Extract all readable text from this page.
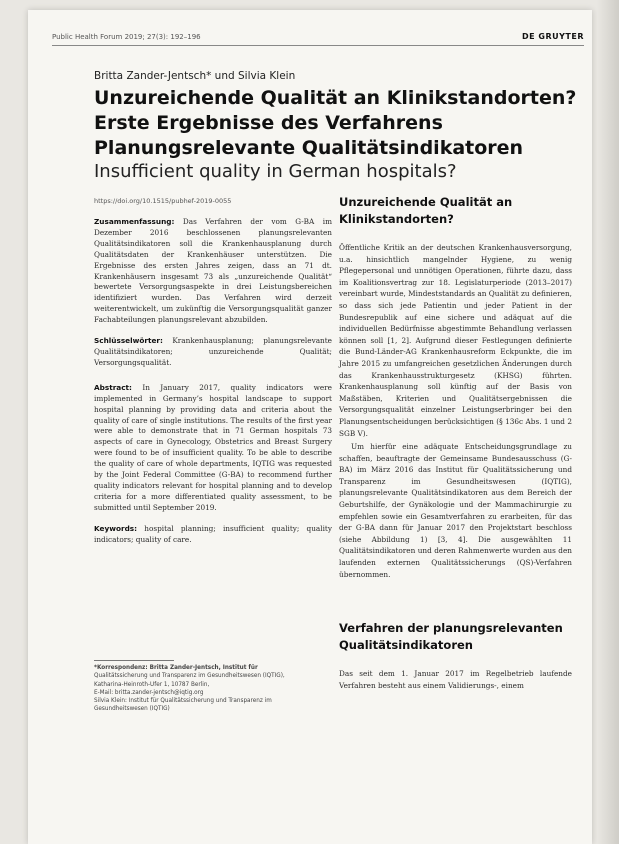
Public Health Forum 2019; 27(3): 192–196	DE GRUYTER
Britta Zander-Jentsch* und Silvia Klein
Unzureichende Qualität an Klinikstandorten?
Erste Ergebnisse des Verfahrens
Planungsrelevante Qualitätsindikatoren
Insufficient quality in German hospitals?
https://doi.org/10.1515/pubhef-2019-0055

Zusammenfassung: Das Verfahren der vom G-BA im Dezember 2016 beschlossenen planungsrelevanten Qualitätsindikatoren soll die Krankenhausplanung durch Qualitätsdaten der Krankenhäuser unterstützen. Die Ergebnisse des ersten Jahres zeigen, dass an 71 dt. Krankenhäusern insgesamt 73 als „unzureichende Qualität“ bewertete Versorgungsaspekte in drei Leistungsbereichen identifiziert wurden. Das Verfahren wird derzeit weiterentwickelt, um zukünftig die Versorgungsqualität ganzer Fachabteilungen planungsrelevant abzubilden.

Schlüsselwörter: Krankenhausplanung; planungsrelevante Qualitätsindikatoren; unzureichende Qualität; Versorgungsqualität.

Abstract: In January 2017, quality indicators were implemented in Germany’s hospital landscape to support hospital planning by providing data and criteria about the quality of care of single institutions. The results of the first year were able to demonstrate that in 71 German hospitals 73 aspects of care in Gynecology, Obstetrics and Breast Surgery were found to be of insufficient quality. To be able to describe the quality of care of whole departments, IQTIG was requested by the Joint Federal Committee (G-BA) to recommend further quality indicators relevant for hospital planning and to develop criteria for a more differentiated quality assessment, to be submitted until September 2019.

Keywords: hospital planning; insufficient quality; quality indicators; quality of care.

*Korrespondenz: Britta Zander-Jentsch, Institut für

Qualitätssicherung und Transparenz im Gesundheitswesen (IQTIG),

Katharina-Heinroth-Ufer 1, 10787 Berlin,

E-Mail: britta.zander-jentsch@iqtig.org

Silvia Klein: Institut für Qualitätssicherung und Transparenz im

Gesundheitswesen (IQTIG)

Unzureichende Qualität an
Klinikstandorten?

Öffentliche Kritik an der deutschen Krankenhausversorgung, u.a. hinsichtlich mangelnder Hygiene, zu wenig Pflegepersonal und unnötigen Operationen, führte dazu, dass im Koalitionsvertrag zur 18. Legislaturperiode (2013–2017) vereinbart wurde, Mindeststandards an Qualität zu definieren, so dass sich jede Patientin und jeder Patient in der Bundesrepublik auf eine sichere und adäquat auf die individuellen Bedürfnisse abgestimmte Behandlung verlassen können soll [1, 2]. Aufgrund dieser Festlegungen definierte die Bund-Länder-AG Krankenhausreform Eckpunkte, die im Jahre 2015 zu umfangreichen gesetzlichen Änderungen durch das Krankenhausstrukturgesetz (KHSG) führten. Krankenhausplanung soll künftig auf der Basis von Maßstäben, Kriterien und Qualitätsergebnissen die Versorgungsqualität einzelner Leistungserbringer bei den Planungsentscheidungen berücksichtigen (§ 136c Abs. 1 und 2 SGB V).

Um hierfür eine adäquate Entscheidungsgrundlage zu schaffen, beauftragte der Gemeinsame Bundesausschuss (G-BA) im März 2016 das Institut für Qualitätssicherung und Transparenz im Gesundheitswesen (IQTIG), planungsrelevante Qualitätsindikatoren aus dem Bereich der Geburtshilfe, der Gynäkologie und der Mammachirurgie zu empfehlen sowie ein Gesamtverfahren zu erarbeiten, für das der G-BA dann für Januar 2017 den Projektstart beschloss (siehe Abbildung 1) [3, 4]. Die ausgewählten 11 Qualitätsindikatoren und deren Rahmenwerte wurden aus den laufenden externen Qualitätssicherungs (QS)-Verfahren übernommen.

Verfahren der planungsrelevanten
Qualitätsindikatoren

Das seit dem 1. Januar 2017 im Regelbetrieb laufende Verfahren besteht aus einem Validierungs-, einem
